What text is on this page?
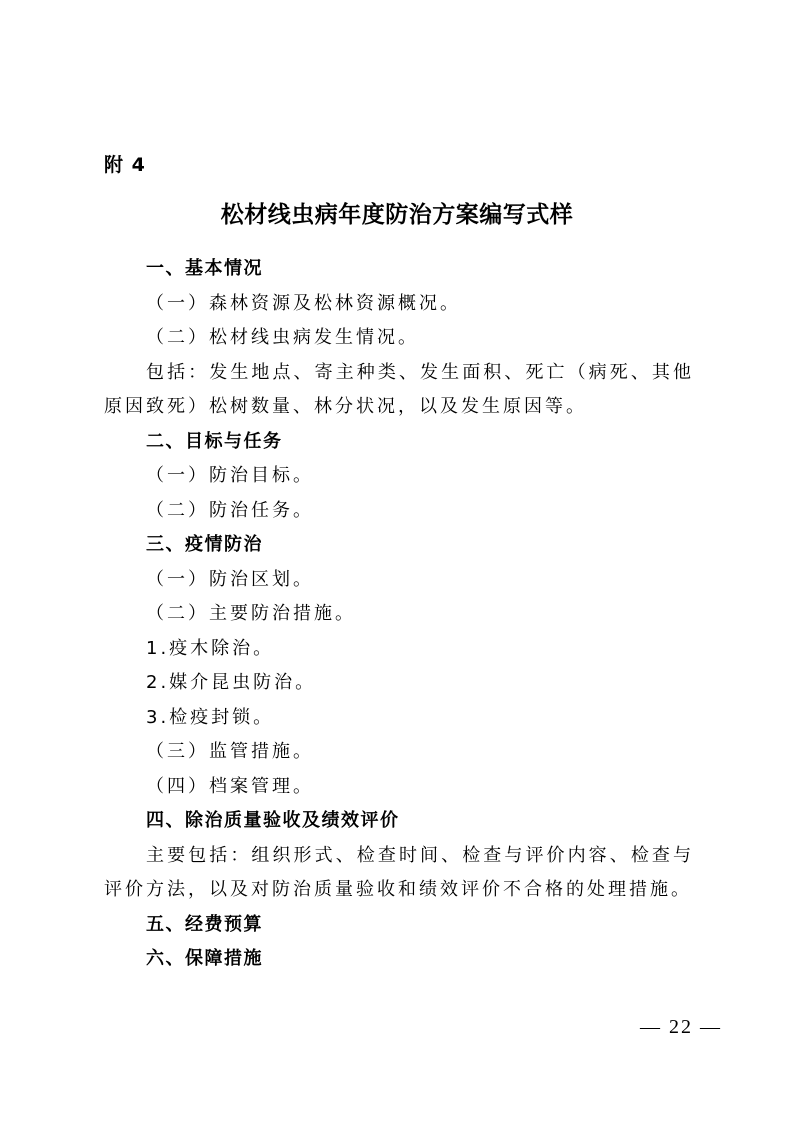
附 4
松材线虫病年度防治方案编写式样
一、基本情况
（一）森林资源及松林资源概况。
（二）松材线虫病发生情况。
包括：发生地点、寄主种类、发生面积、死亡（病死、其他原因致死）松树数量、林分状况，以及发生原因等。
二、目标与任务
（一）防治目标。
（二）防治任务。
三、疫情防治
（一）防治区划。
（二）主要防治措施。
1.疫木除治。
2.媒介昆虫防治。
3.检疫封锁。
（三）监管措施。
（四）档案管理。
四、除治质量验收及绩效评价
主要包括：组织形式、检查时间、检查与评价内容、检查与评价方法，以及对防治质量验收和绩效评价不合格的处理措施。
五、经费预算
六、保障措施
— 22 —
